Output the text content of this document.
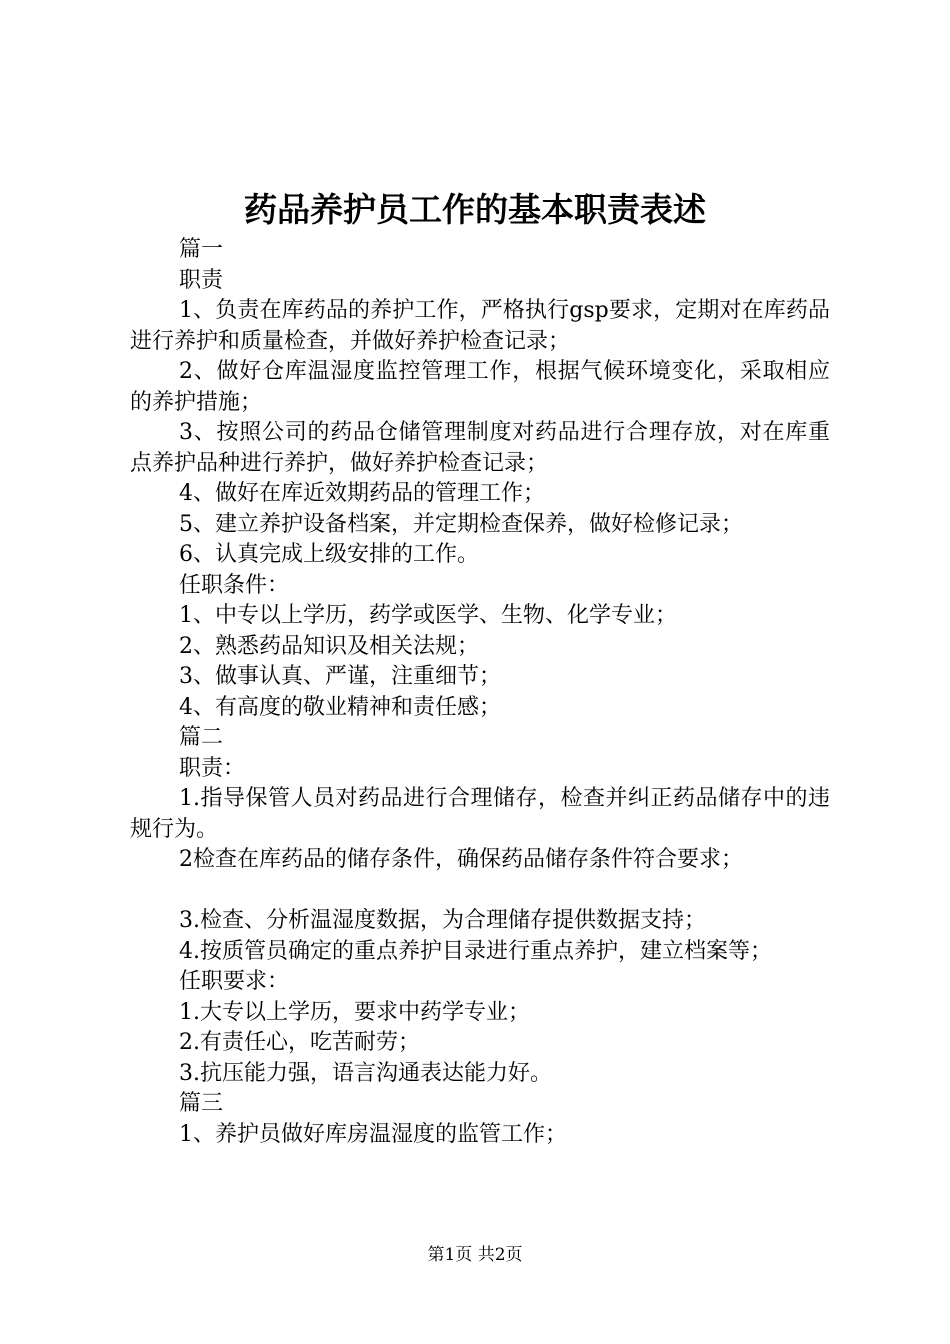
药品养护员工作的基本职责表述

篇一

职责

1、负责在库药品的养护工作，严格执行gsp要求，定期对在库药品进行养护和质量检查，并做好养护检查记录；

2、做好仓库温湿度监控管理工作，根据气候环境变化，采取相应的养护措施；

3、按照公司的药品仓储管理制度对药品进行合理存放，对在库重点养护品种进行养护，做好养护检查记录；

4、做好在库近效期药品的管理工作；

5、建立养护设备档案，并定期检查保养，做好检修记录；

6、认真完成上级安排的工作。

任职条件：

1、中专以上学历，药学或医学、生物、化学专业；

2、熟悉药品知识及相关法规；

3、做事认真、严谨，注重细节；

4、有高度的敬业精神和责任感；

篇二

职责：

1.指导保管人员对药品进行合理储存，检查并纠正药品储存中的违规行为。

2检查在库药品的储存条件，确保药品储存条件符合要求；

3.检查、分析温湿度数据，为合理储存提供数据支持；

4.按质管员确定的重点养护目录进行重点养护，建立档案等；

任职要求：

1.大专以上学历，要求中药学专业；

2.有责任心，吃苦耐劳；

3.抗压能力强，语言沟通表达能力好。

篇三

1、养护员做好库房温湿度的监管工作；

第1页 共2页
